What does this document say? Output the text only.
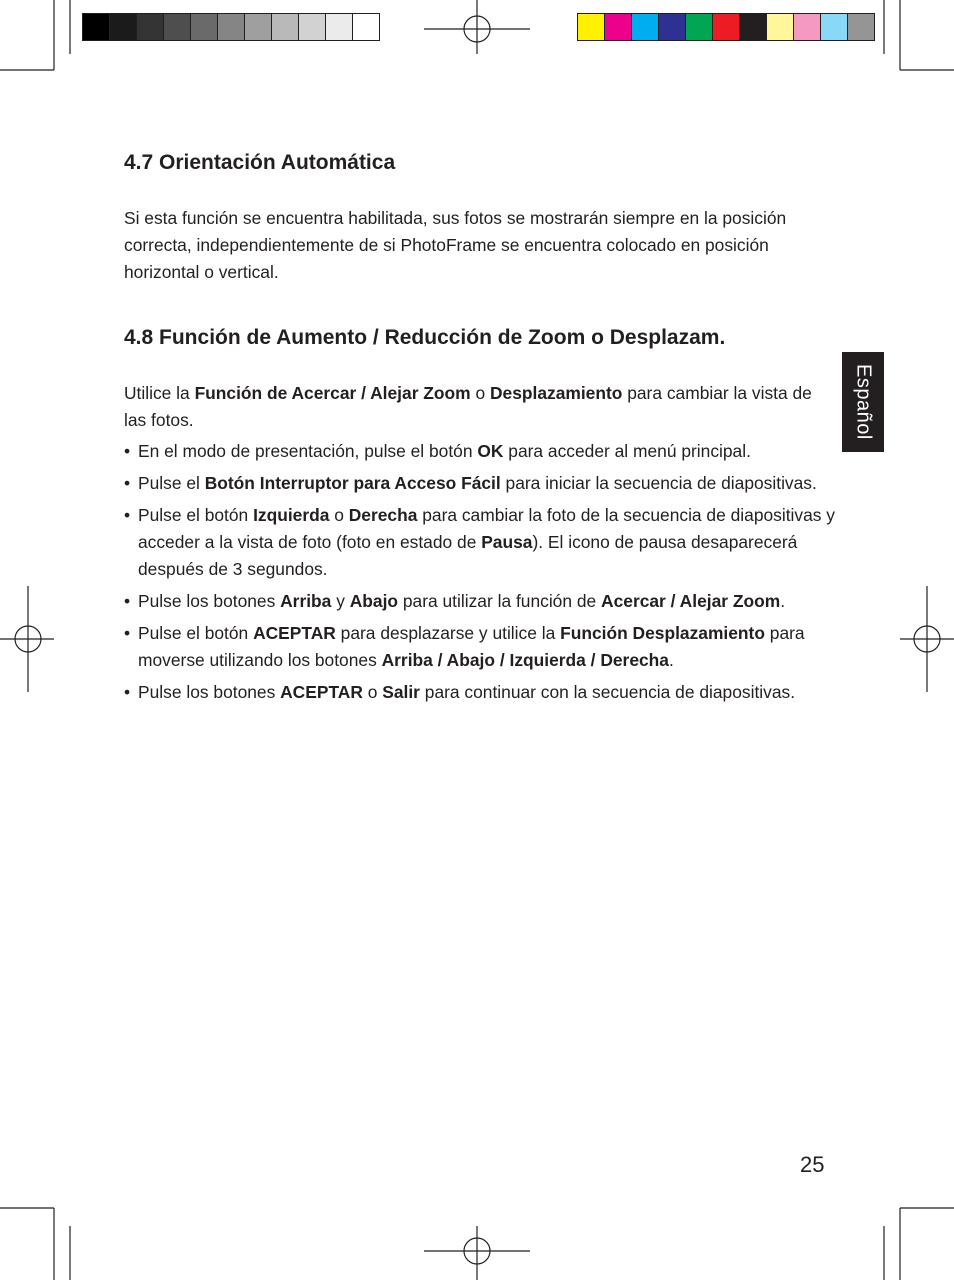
4.7 Orientación Automática

Si esta función se encuentra habilitada, sus fotos se mostrarán siempre en la posición correcta, independientemente de si PhotoFrame se encuentra colocado en posición horizontal o vertical.

4.8 Función de Aumento / Reducción de Zoom o Desplazam.

Utilice la Función de Acercar / Alejar Zoom o Desplazamiento para cambiar la vista de las fotos.

• En el modo de presentación, pulse el botón OK para acceder al menú principal.
• Pulse el Botón Interruptor para Acceso Fácil para iniciar la secuencia de diapositivas.
• Pulse el botón Izquierda o Derecha para cambiar la foto de la secuencia de diapositivas y acceder a la vista de foto (foto en estado de Pausa). El icono de pausa desaparecerá después de 3 segundos.
• Pulse los botones Arriba y Abajo para utilizar la función de Acercar / Alejar Zoom.
• Pulse el botón ACEPTAR para desplazarse y utilice la Función Desplazamiento para moverse utilizando los botones Arriba / Abajo / Izquierda / Derecha.
• Pulse los botones ACEPTAR o Salir para continuar con la secuencia de diapositivas.
Español
25
